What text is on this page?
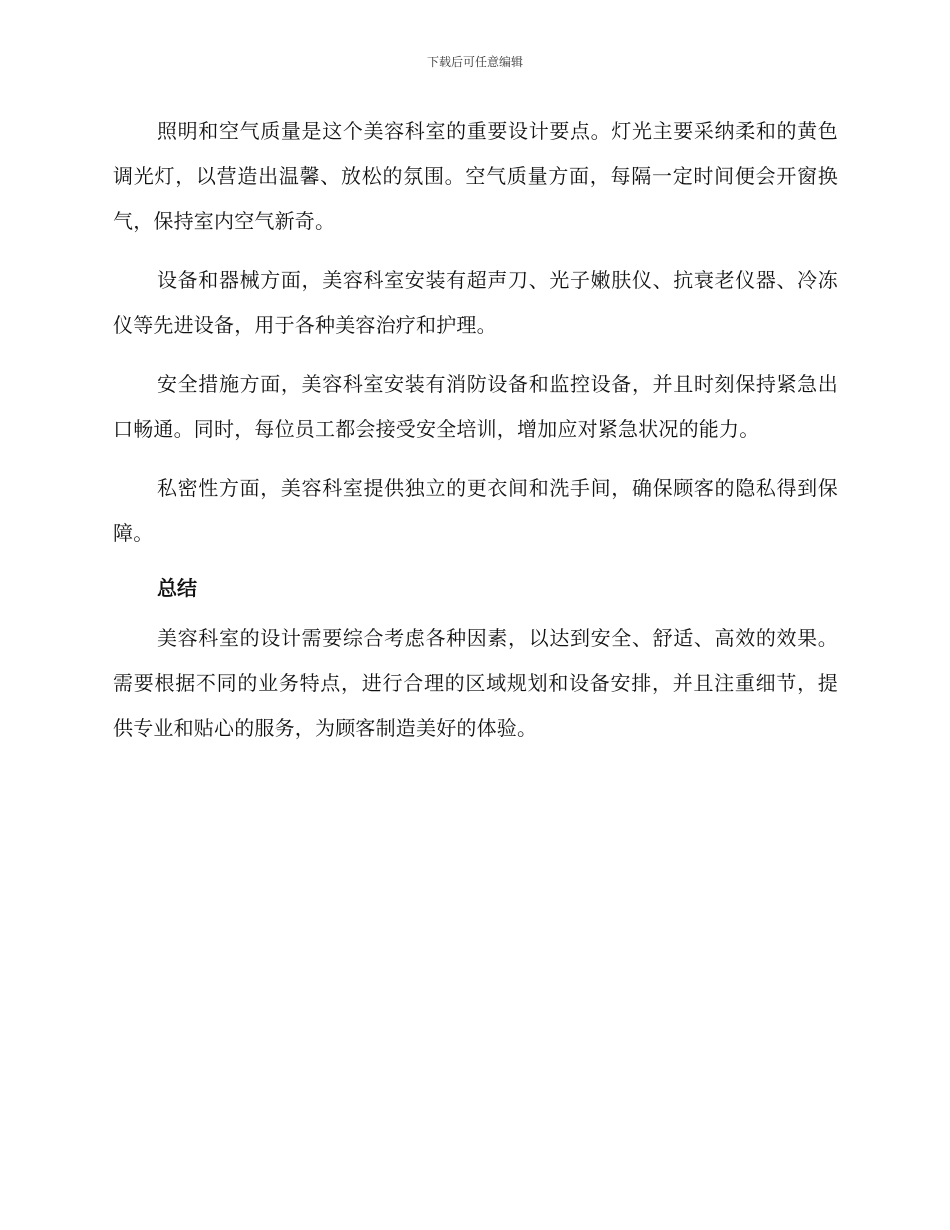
下载后可任意编辑

照明和空气质量是这个美容科室的重要设计要点。灯光主要采纳柔和的黄色调光灯，以营造出温馨、放松的氛围。空气质量方面，每隔一定时间便会开窗换气，保持室内空气新奇。

设备和器械方面，美容科室安装有超声刀、光子嫩肤仪、抗衰老仪器、冷冻仪等先进设备，用于各种美容治疗和护理。

安全措施方面，美容科室安装有消防设备和监控设备，并且时刻保持紧急出口畅通。同时，每位员工都会接受安全培训，增加应对紧急状况的能力。

私密性方面，美容科室提供独立的更衣间和洗手间，确保顾客的隐私得到保障。

总结

美容科室的设计需要综合考虑各种因素，以达到安全、舒适、高效的效果。需要根据不同的业务特点，进行合理的区域规划和设备安排，并且注重细节，提供专业和贴心的服务，为顾客制造美好的体验。
